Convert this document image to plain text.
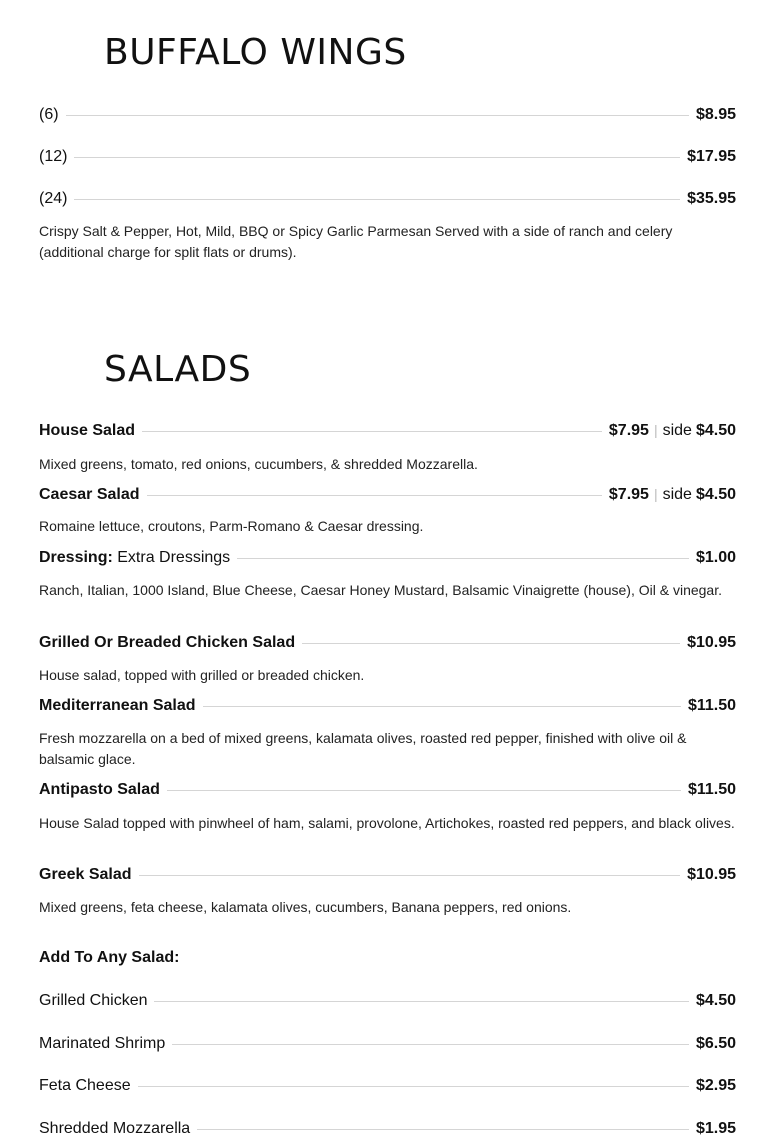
BUFFALO WINGS
(6)	$8.95
(12)	$17.95
(24)	$35.95

Crispy Salt & Pepper, Hot, Mild, BBQ or Spicy Garlic Parmesan Served with a side of ranch and celery (additional charge for split flats or drums).

SALADS
House Salad	$7.95 | side $4.50

Mixed greens, tomato, red onions, cucumbers, & shredded Mozzarella.

Caesar Salad	$7.95 | side $4.50

Romaine lettuce, croutons, Parm-Romano & Caesar dressing.

Dressing: Extra Dressings	$1.00

Ranch, Italian, 1000 Island, Blue Cheese, Caesar Honey Mustard, Balsamic Vinaigrette (house), Oil & vinegar.

Grilled Or Breaded Chicken Salad	$10.95

House salad, topped with grilled or breaded chicken.

Mediterranean Salad	$11.50

Fresh mozzarella on a bed of mixed greens, kalamata olives, roasted red pepper, finished with olive oil & balsamic glace.

Antipasto Salad	$11.50

House Salad topped with pinwheel of ham, salami, provolone, Artichokes, roasted red peppers, and black olives.

Greek Salad	$10.95

Mixed greens, feta cheese, kalamata olives, cucumbers, Banana peppers, red onions.

Add To Any Salad:

Grilled Chicken	$4.50
Marinated Shrimp	$6.50
Feta Cheese	$2.95
Shredded Mozzarella	$1.95
